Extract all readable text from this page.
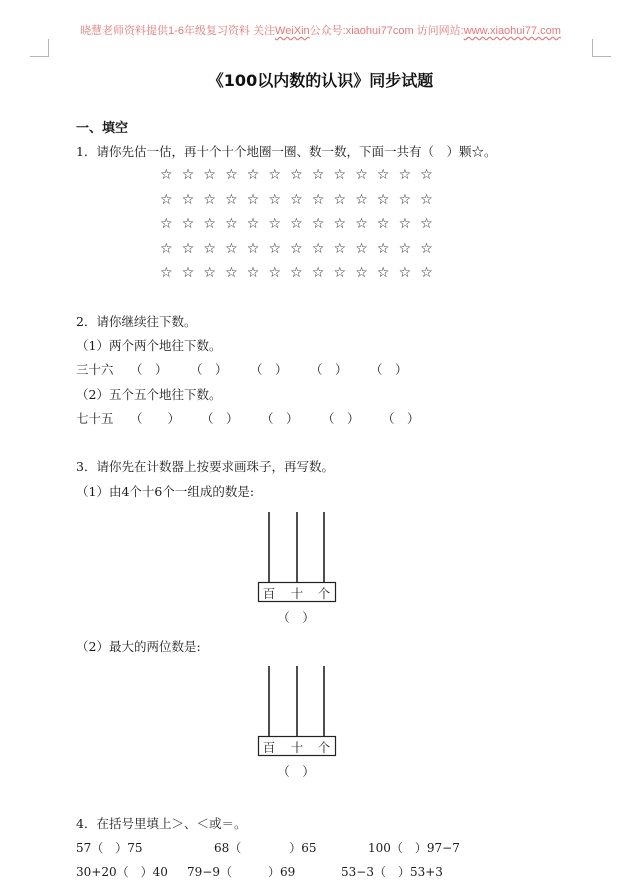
晓慧老师资料提供1-6年级复习资料 关注WeiXin公众号:xiaohui77com 访问网站:www.xiaohui77.com
《100以内数的认识》同步试题
一、填空
1．请你先估一估，再十个十个地圈一圈、数一数，下面一共有（　）颗☆。
☆ ☆ ☆ ☆ ☆ ☆ ☆ ☆ ☆ ☆ ☆ ☆ ☆
☆ ☆ ☆ ☆ ☆ ☆ ☆ ☆ ☆ ☆ ☆ ☆ ☆
☆ ☆ ☆ ☆ ☆ ☆ ☆ ☆ ☆ ☆ ☆ ☆ ☆
☆ ☆ ☆ ☆ ☆ ☆ ☆ ☆ ☆ ☆ ☆ ☆ ☆
☆ ☆ ☆ ☆ ☆ ☆ ☆ ☆ ☆ ☆ ☆ ☆ ☆
2．请你继续往下数。
（1）两个两个地往下数。
三十六	（　）	（　）	（　）	（　）	（　）
（2）五个五个地往下数。
七十五	（　　）	（　）	（　）	（　）	（　）
3．请你先在计数器上按要求画珠子，再写数。
（1）由4个十6个一组成的数是:
百	十	个
（　）
（2）最大的两位数是:
百	十	个
（　）
4．在括号里填上＞、＜或＝。
57（　）75	68（　　　　）65	100（　）97−7
30+20（　）40 79−9（　　　）69	53−3（　）53+3
